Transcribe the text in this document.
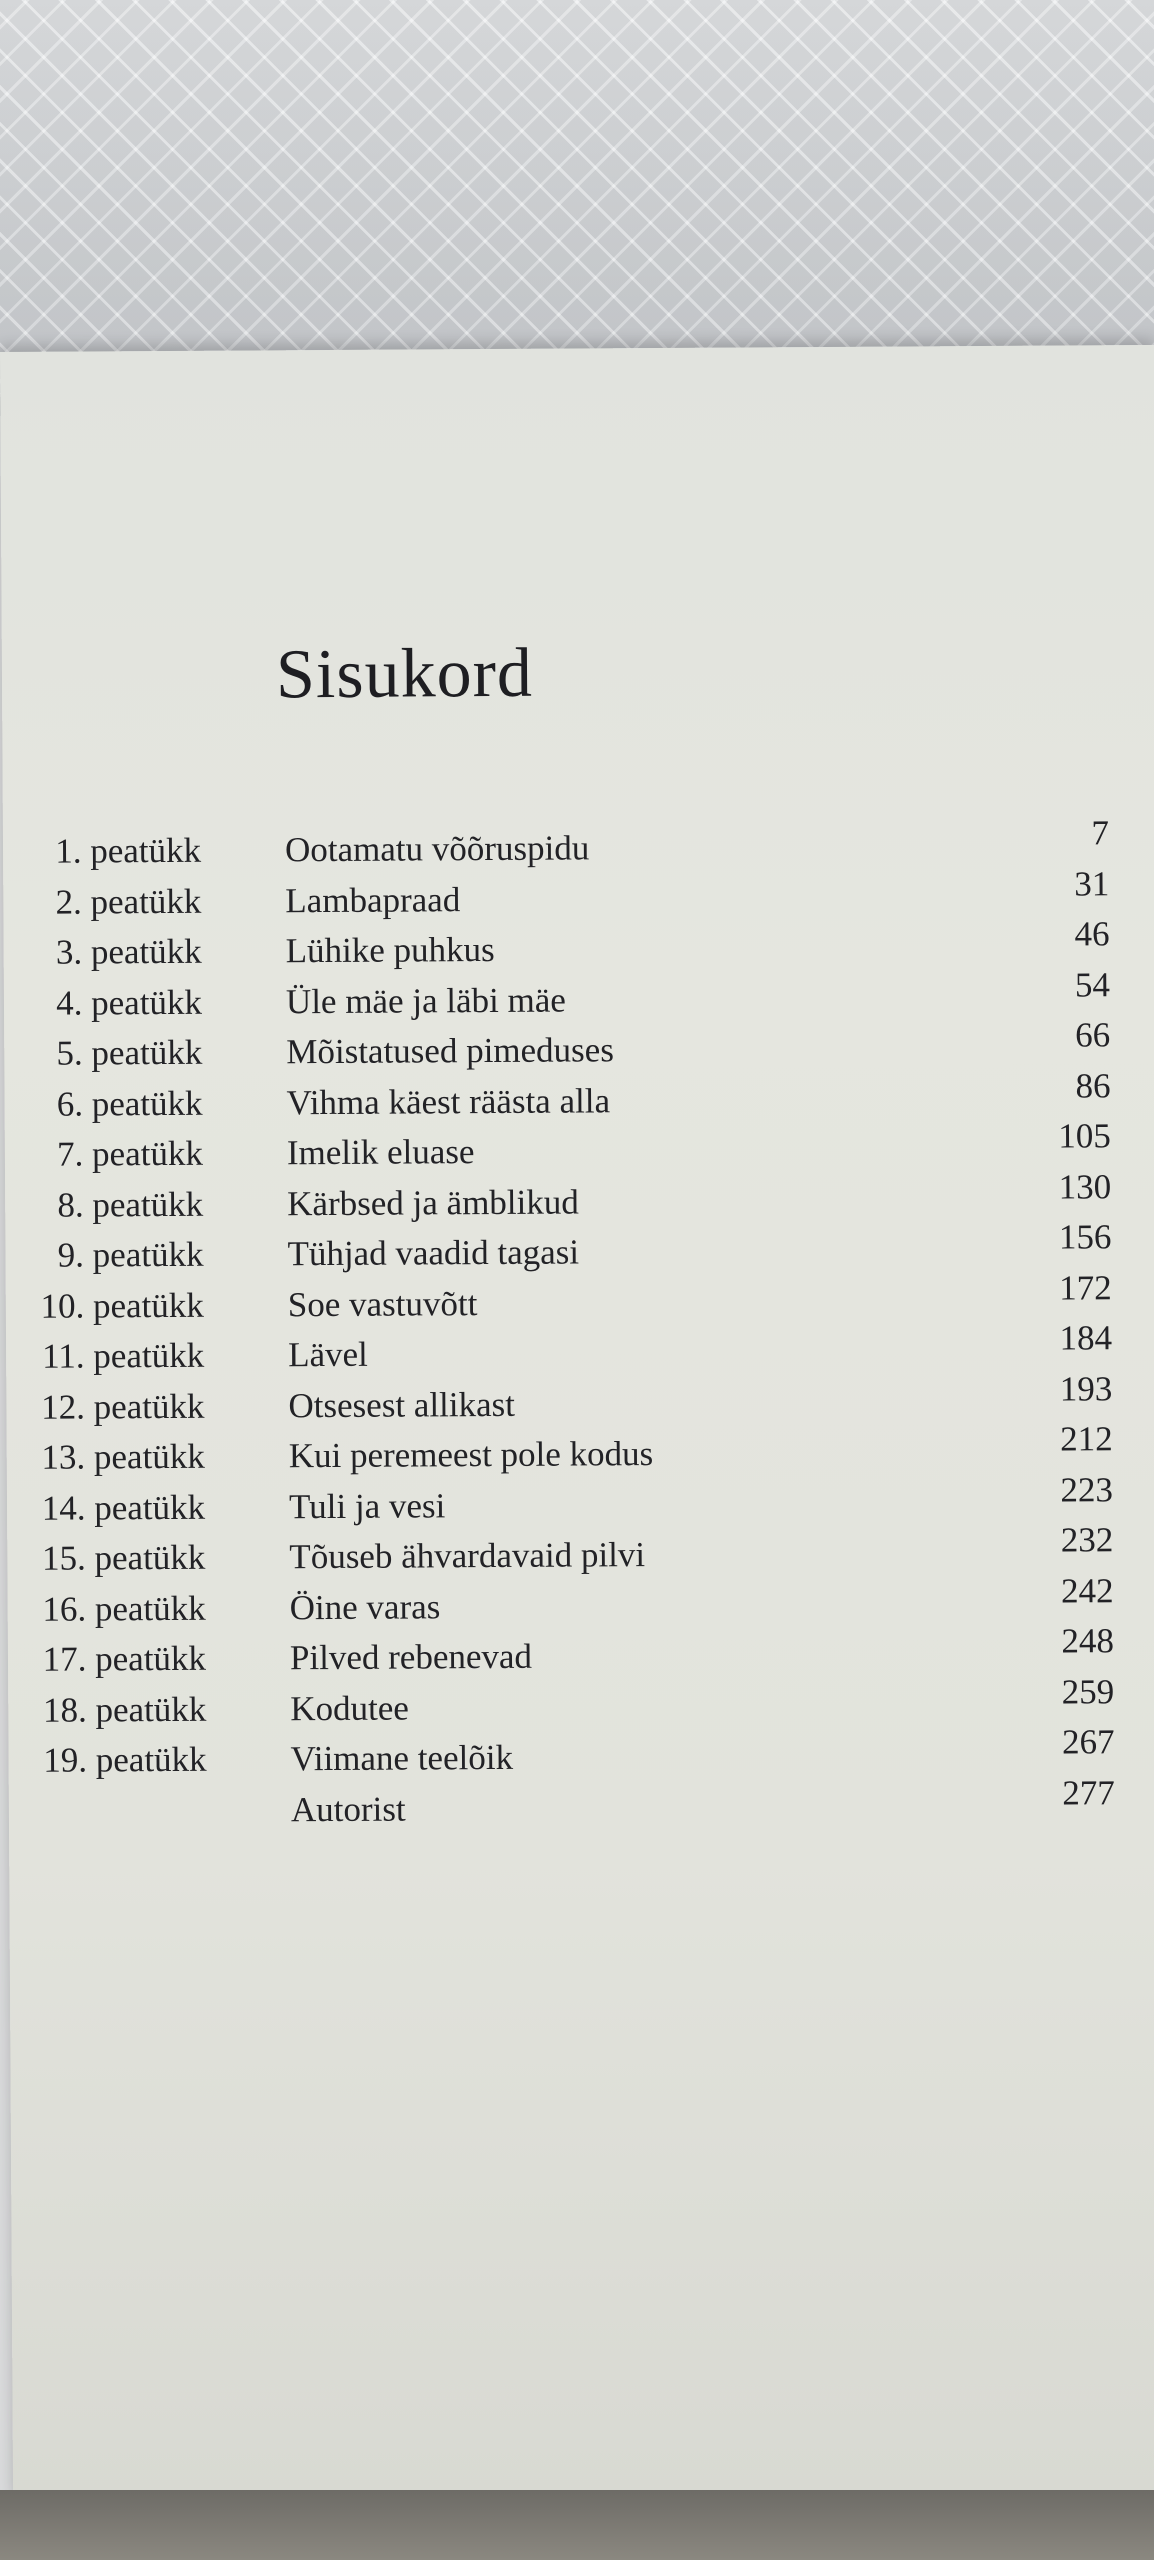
Sisukord
1. peatükk Ootamatu võõruspidu	7
2. peatükk Lambapraad	31
3. peatükk Lühike puhkus	46
4. peatükk Üle mäe ja läbi mäe	54
5. peatükk Mõistatused pimeduses	66
6. peatükk Vihma käest räästa alla	86
7. peatükk Imelik eluase	105
8. peatükk Kärbsed ja ämblikud	130
9. peatükk Tühjad vaadid tagasi	156
10. peatükk Soe vastuvõtt	172
11. peatükk Lävel	184
12. peatükk Otsesest allikast	193
13. peatükk Kui peremeest pole kodus	212
14. peatükk Tuli ja vesi	223
15. peatükk Tõuseb ähvardavaid pilvi	232
16. peatükk Öine varas	242
17. peatükk Pilved rebenevad	248
18. peatükk Kodutee	259
19. peatükk Viimane teelõik	267
Autorist	277
